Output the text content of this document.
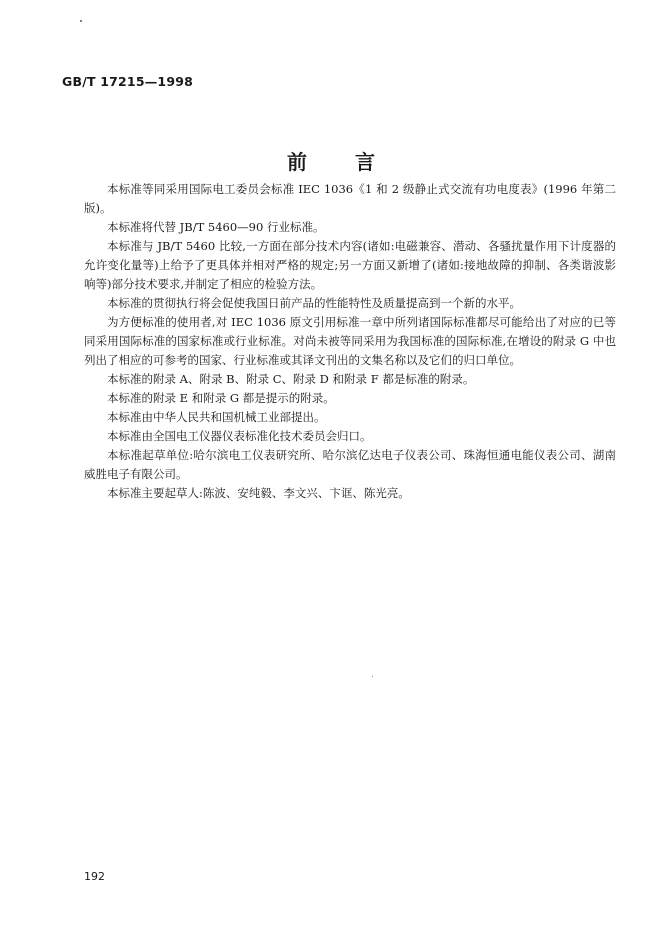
GB/T 17215—1998
前言

本标准等同采用国际电工委员会标准 IEC 1036《1 和 2 级静止式交流有功电度表》(1996 年第二版)。

本标准将代替 JB/T 5460—90 行业标准。

本标准与 JB/T 5460 比较,一方面在部分技术内容(诸如:电磁兼容、潜动、各骚扰量作用下计度器的允许变化量等)上给予了更具体并相对严格的规定;另一方面又新增了(诸如:接地故障的抑制、各类谐波影响等)部分技术要求,并制定了相应的检验方法。

本标准的贯彻执行将会促使我国日前产品的性能特性及质量提高到一个新的水平。

为方便标准的使用者,对 IEC 1036 原文引用标准一章中所列诸国际标准都尽可能给出了对应的已等同采用国际标准的国家标准或行业标准。对尚未被等同采用为我国标准的国际标准,在增设的附录 G 中也列出了相应的可参考的国家、行业标准或其译文刊出的文集名称以及它们的归口单位。

本标准的附录 A、附录 B、附录 C、附录 D 和附录 F 都是标准的附录。

本标准的附录 E 和附录 G 都是提示的附录。

本标准由中华人民共和国机械工业部提出。

本标准由全国电工仪器仪表标准化技术委员会归口。

本标准起草单位:哈尔滨电工仪表研究所、哈尔滨亿达电子仪表公司、珠海恒通电能仪表公司、湖南威胜电子有限公司。

本标准主要起草人:陈波、安纯毅、李文兴、卞诓、陈光亮。

192
